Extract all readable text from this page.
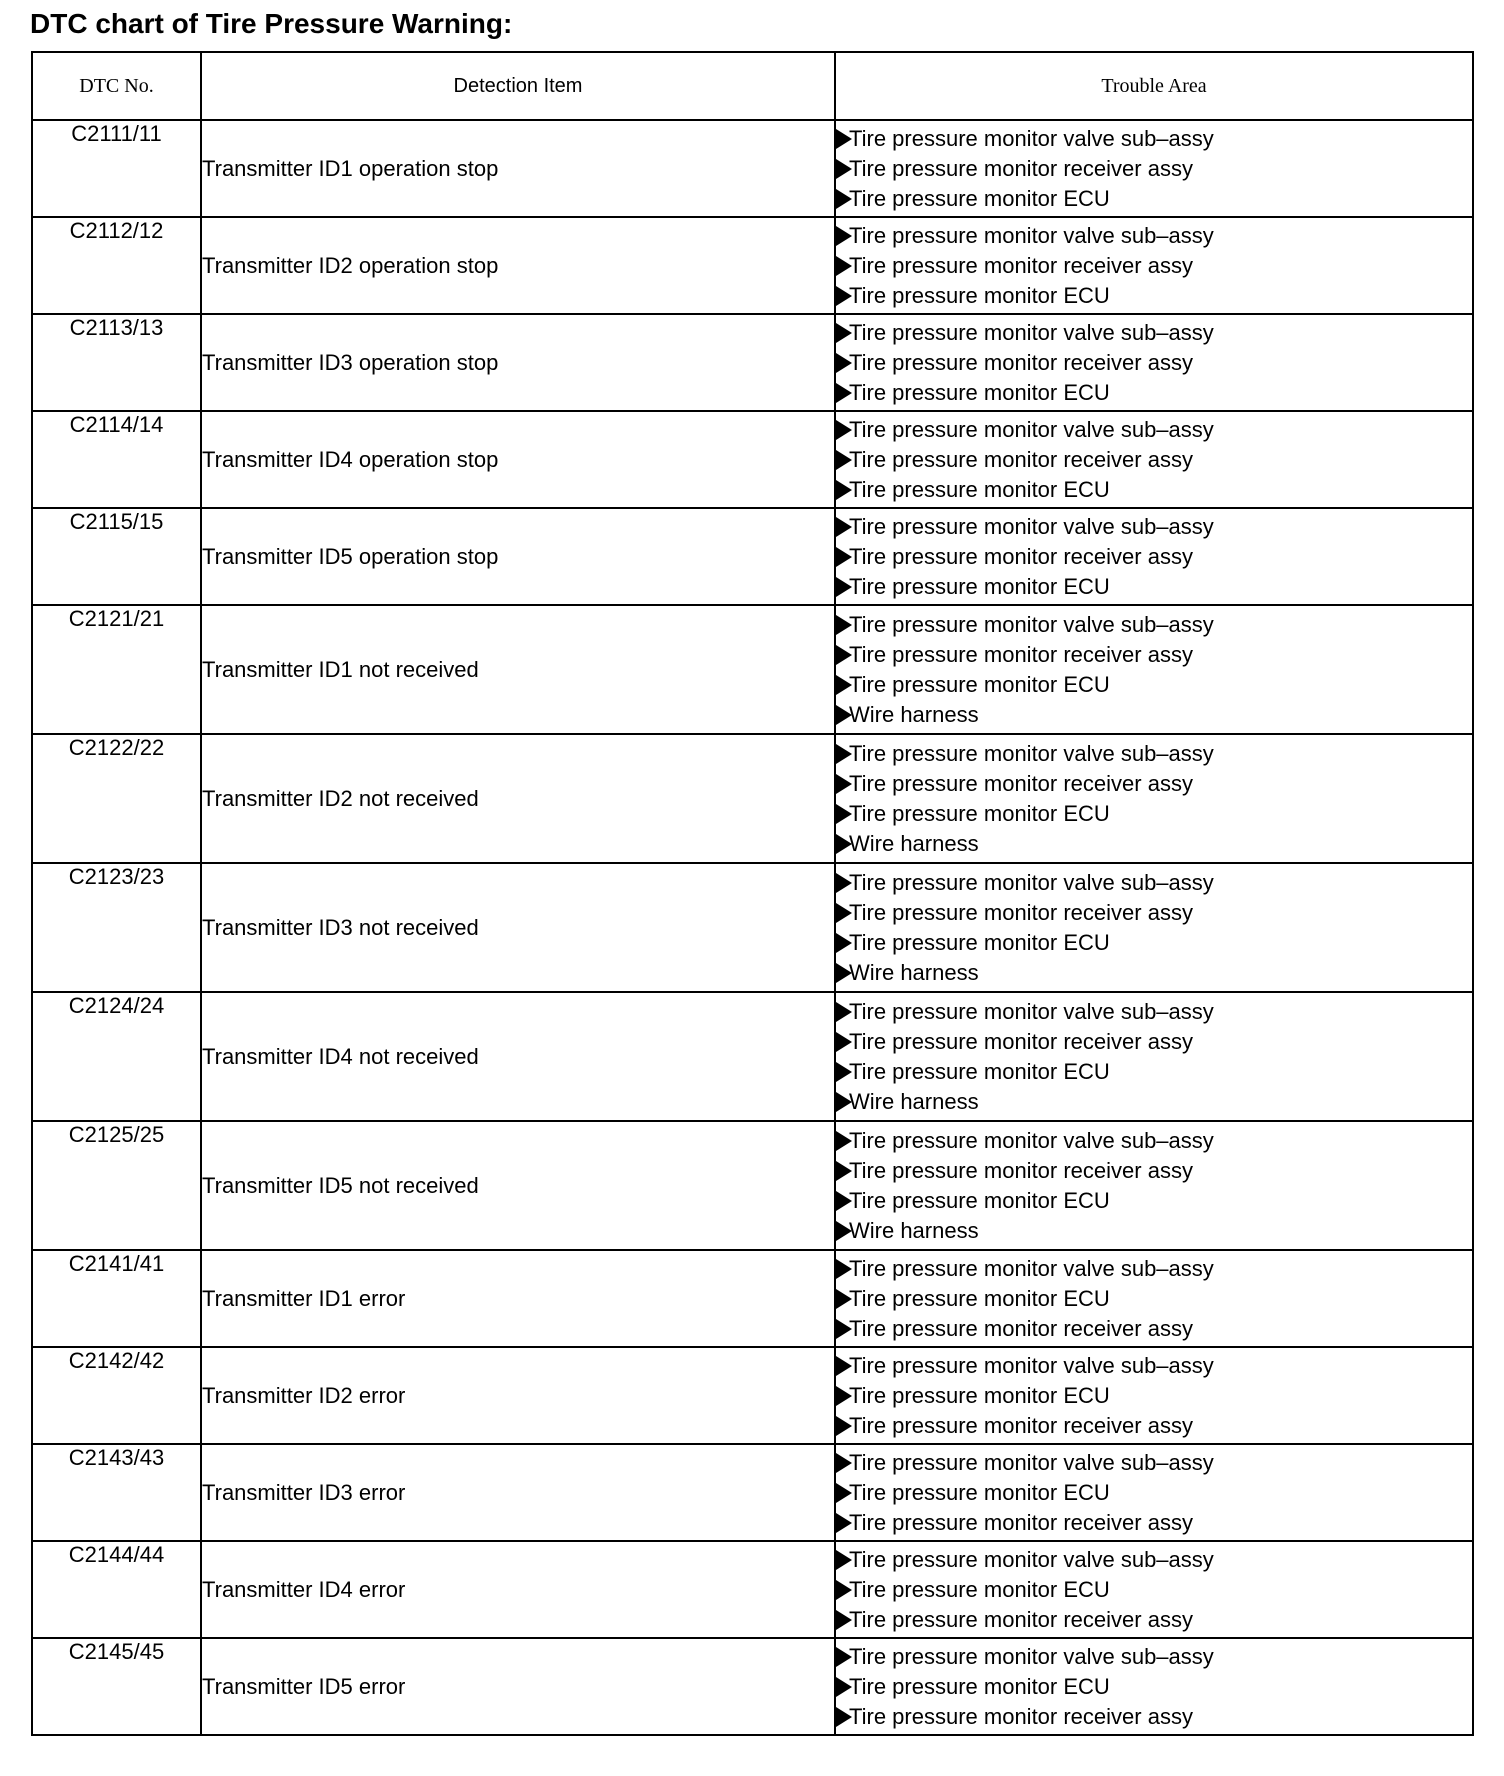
DTC chart of Tire Pressure Warning:
DTC No.	Detection Item	Trouble Area
C2111/11	Transmitter ID1 operation stop	Tire pressure monitor valve sub–assy
Tire pressure monitor receiver assy
Tire pressure monitor ECU

C2112/12	Transmitter ID2 operation stop	Tire pressure monitor valve sub–assy
Tire pressure monitor receiver assy
Tire pressure monitor ECU

C2113/13	Transmitter ID3 operation stop	Tire pressure monitor valve sub–assy
Tire pressure monitor receiver assy
Tire pressure monitor ECU

C2114/14	Transmitter ID4 operation stop	Tire pressure monitor valve sub–assy
Tire pressure monitor receiver assy
Tire pressure monitor ECU

C2115/15	Transmitter ID5 operation stop	Tire pressure monitor valve sub–assy
Tire pressure monitor receiver assy
Tire pressure monitor ECU

C2121/21	Transmitter ID1 not received	Tire pressure monitor valve sub–assy
Tire pressure monitor receiver assy
Tire pressure monitor ECU
Wire harness

C2122/22	Transmitter ID2 not received	Tire pressure monitor valve sub–assy
Tire pressure monitor receiver assy
Tire pressure monitor ECU
Wire harness

C2123/23	Transmitter ID3 not received	Tire pressure monitor valve sub–assy
Tire pressure monitor receiver assy
Tire pressure monitor ECU
Wire harness

C2124/24	Transmitter ID4 not received	Tire pressure monitor valve sub–assy
Tire pressure monitor receiver assy
Tire pressure monitor ECU
Wire harness

C2125/25	Transmitter ID5 not received	Tire pressure monitor valve sub–assy
Tire pressure monitor receiver assy
Tire pressure monitor ECU
Wire harness

C2141/41	Transmitter ID1 error	Tire pressure monitor valve sub–assy
Tire pressure monitor ECU
Tire pressure monitor receiver assy

C2142/42	Transmitter ID2 error	Tire pressure monitor valve sub–assy
Tire pressure monitor ECU
Tire pressure monitor receiver assy

C2143/43	Transmitter ID3 error	Tire pressure monitor valve sub–assy
Tire pressure monitor ECU
Tire pressure monitor receiver assy

C2144/44	Transmitter ID4 error	Tire pressure monitor valve sub–assy
Tire pressure monitor ECU
Tire pressure monitor receiver assy

C2145/45	Transmitter ID5 error	Tire pressure monitor valve sub–assy
Tire pressure monitor ECU
Tire pressure monitor receiver assy
